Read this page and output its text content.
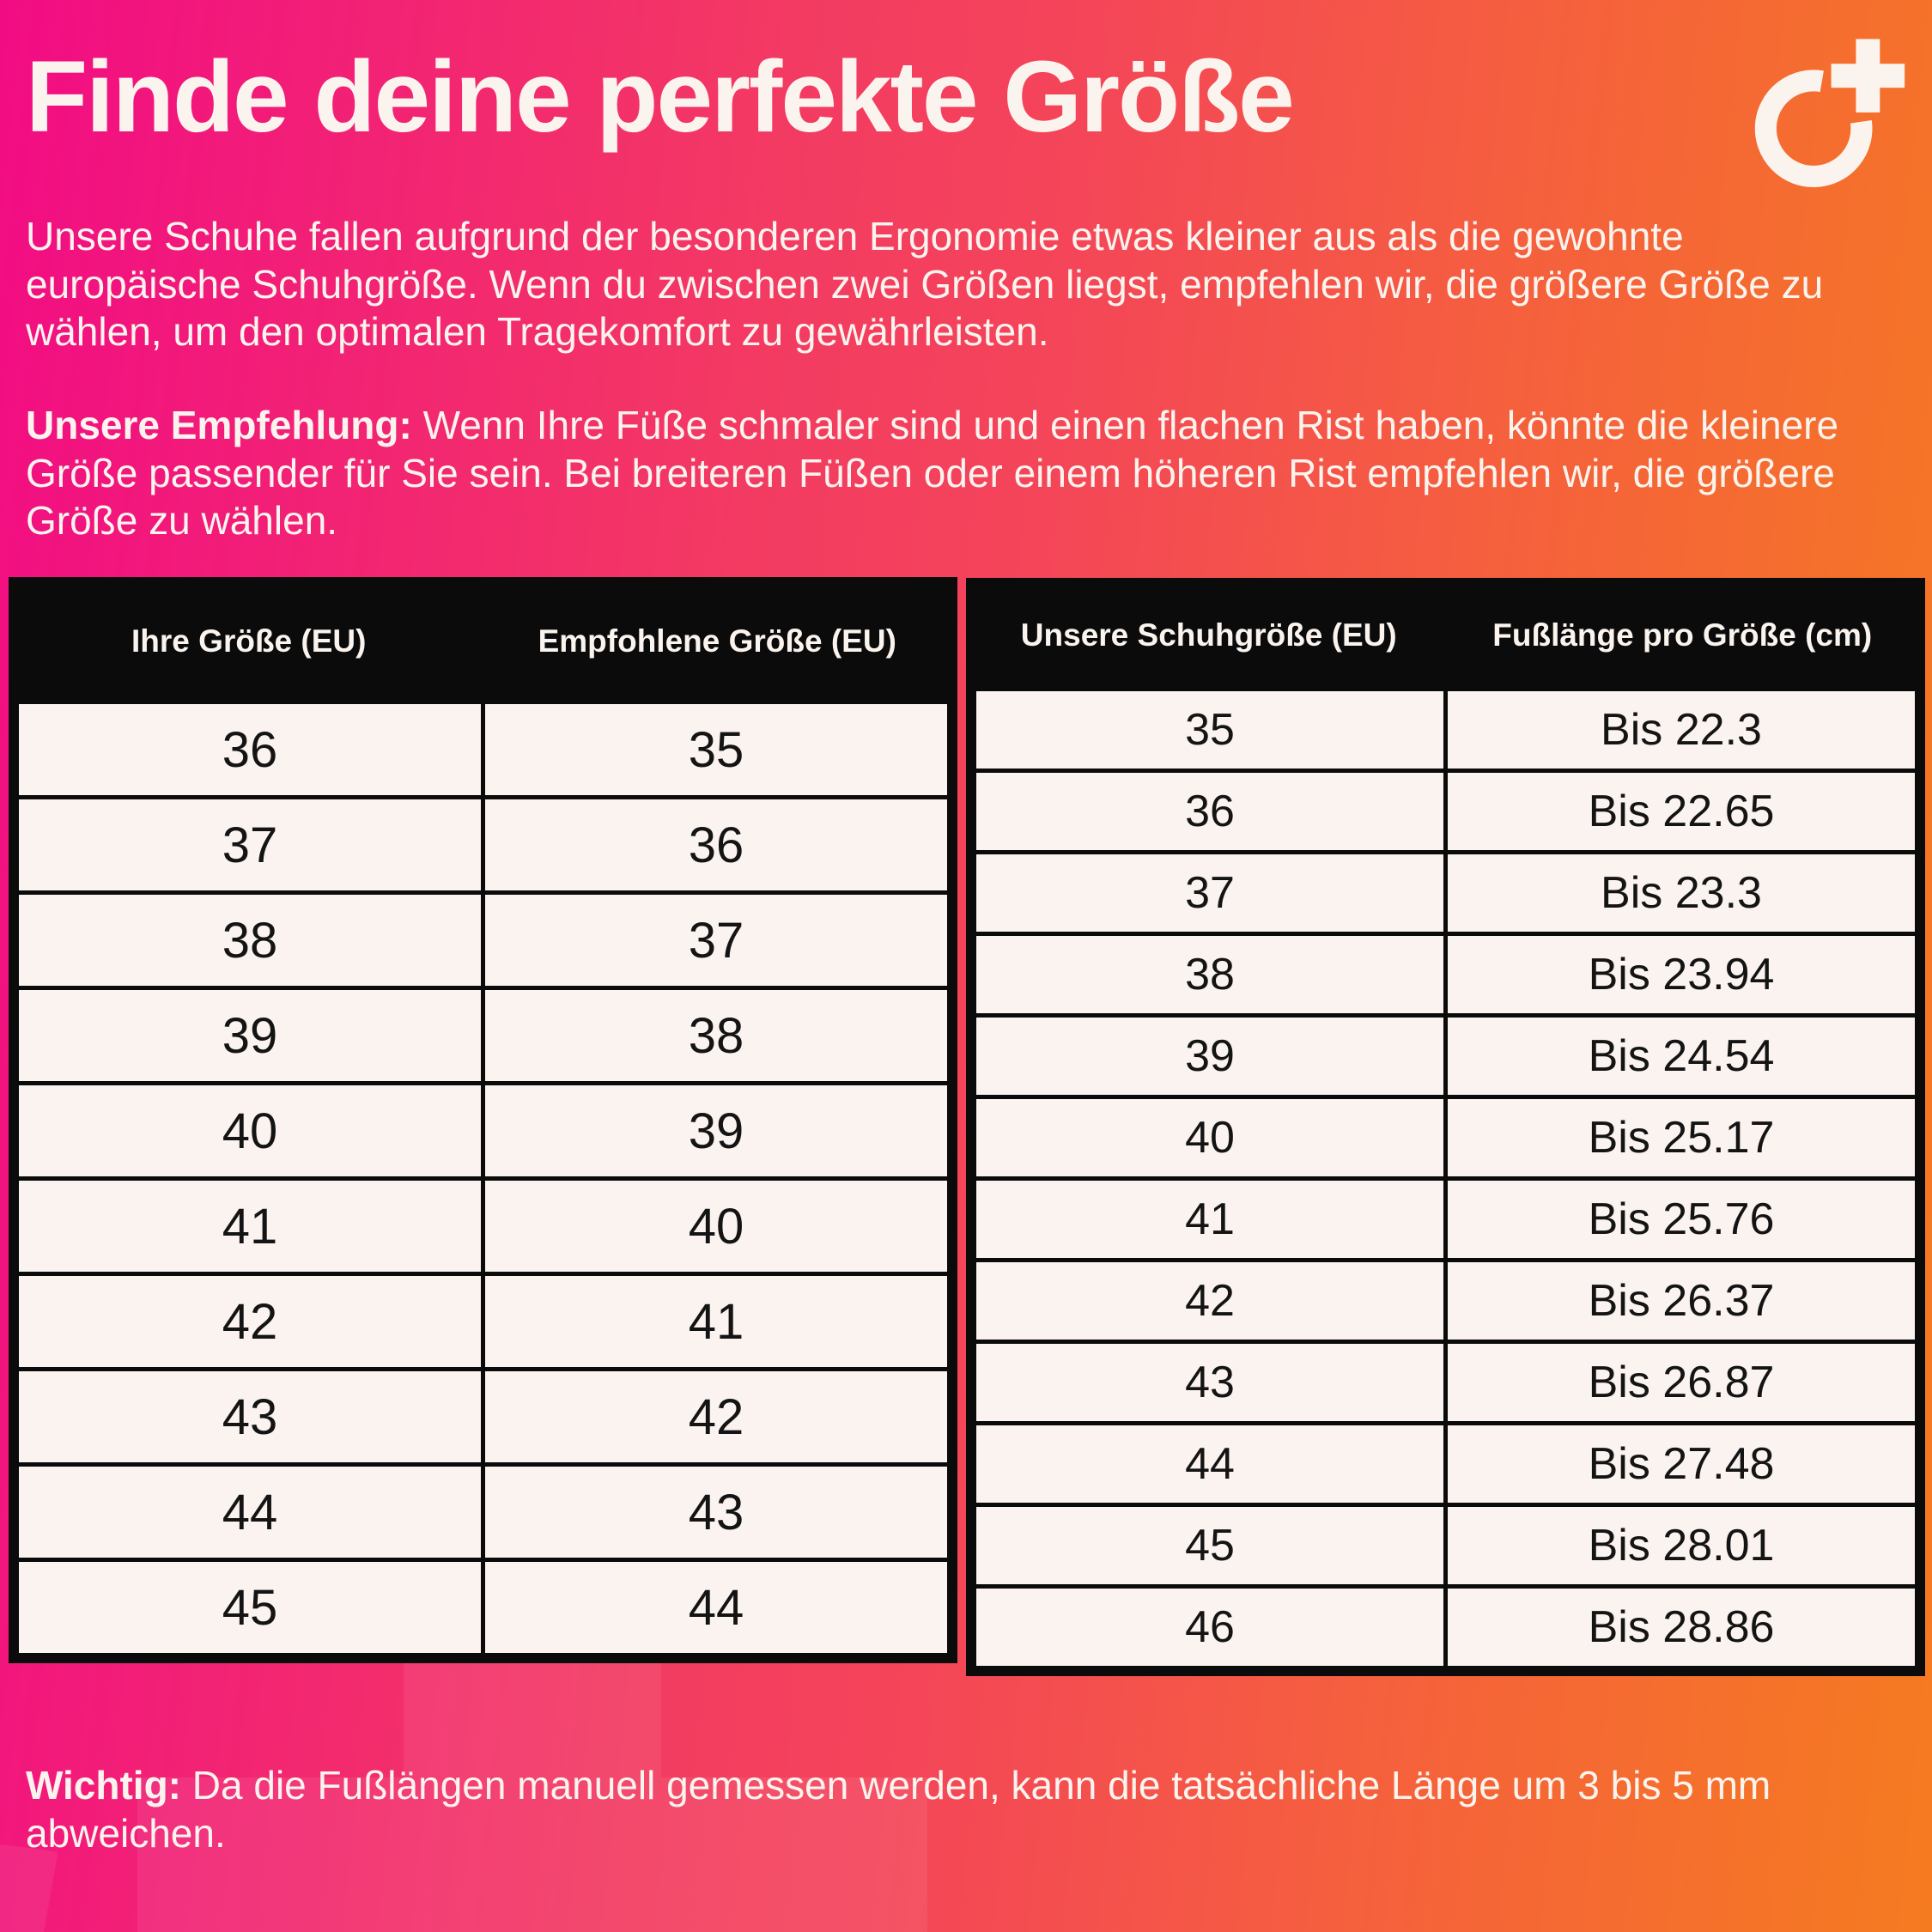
Finde deine perfekte Größe
Unsere Schuhe fallen aufgrund der besonderen Ergonomie etwas kleiner aus als die gewohnte europäische Schuhgröße. Wenn du zwischen zwei Größen liegst, empfehlen wir, die größere Größe zu wählen, um den optimalen Tragekomfort zu gewährleisten.
Unsere Empfehlung: Wenn Ihre Füße schmaler sind und einen flachen Rist haben, könnte die kleinere Größe passender für Sie sein. Bei breiteren Füßen oder einem höheren Rist empfehlen wir, die größere Größe zu wählen.
Ihre Größe (EU)	Empfohlene Größe (EU)
36	35
37	36
38	37
39	38
40	39
41	40
42	41
43	42
44	43
45	44
Unsere Schuhgröße (EU)	Fußlänge pro Größe (cm)
35	Bis 22.3
36	Bis 22.65
37	Bis 23.3
38	Bis 23.94
39	Bis 24.54
40	Bis 25.17
41	Bis 25.76
42	Bis 26.37
43	Bis 26.87
44	Bis 27.48
45	Bis 28.01
46	Bis 28.86
Wichtig: Da die Fußlängen manuell gemessen werden, kann die tatsächliche Länge um 3 bis 5 mm abweichen.
